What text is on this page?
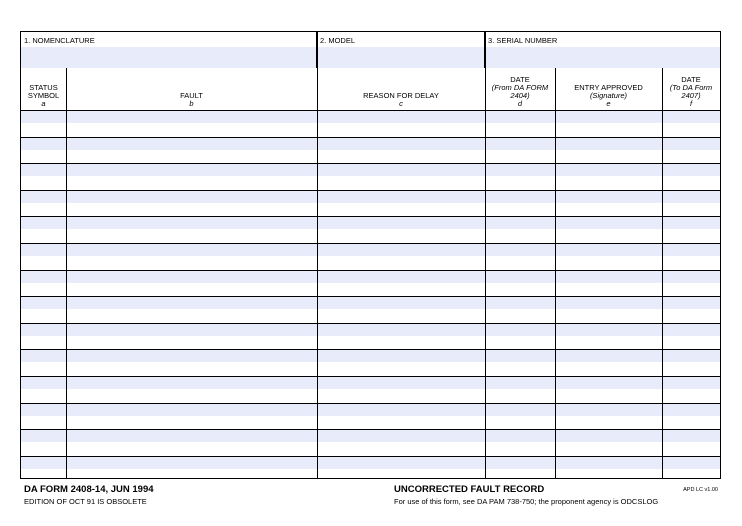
1. NOMENCLATURE	2. MODEL	3. SERIAL NUMBER
STATUS
SYMBOL
a
FAULT
b
REASON FOR DELAY
c
DATE
(From DA FORM
2404)
d
ENTRY APPROVED
(Signature)
e
DATE
(To DA Form
2407)
f
DA FORM 2408-14, JUN 1994
EDITION OF OCT 91 IS OBSOLETE
UNCORRECTED FAULT RECORD
For use of this form, see DA PAM 738-750; the proponent agency is ODCSLOG
APD LC v1.00
